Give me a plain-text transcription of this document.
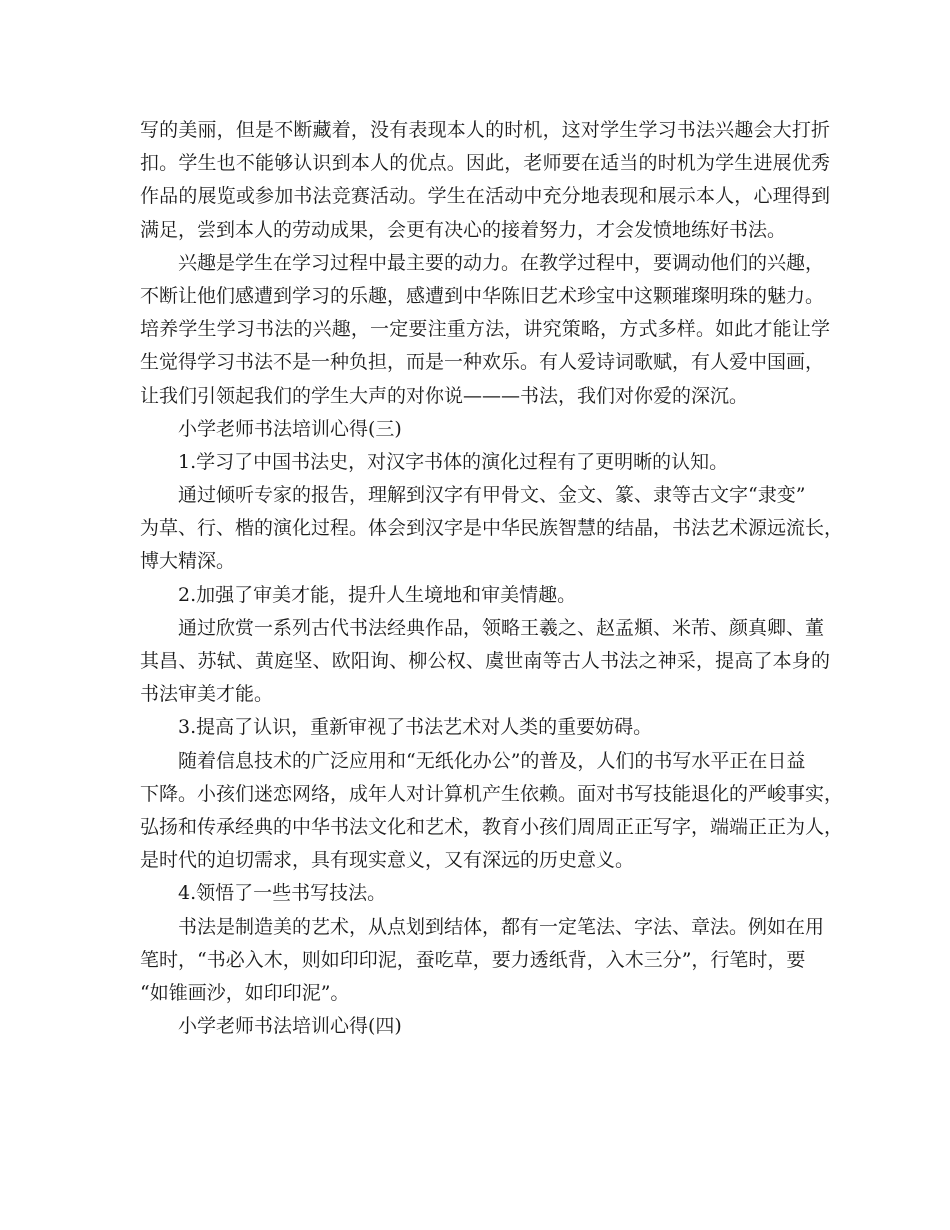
写的美丽，但是不断藏着，没有表现本人的时机，这对学生学习书法兴趣会大打折
扣。学生也不能够认识到本人的优点。因此，老师要在适当的时机为学生进展优秀
作品的展览或参加书法竞赛活动。学生在活动中充分地表现和展示本人，心理得到
满足，尝到本人的劳动成果，会更有决心的接着努力，才会发愤地练好书法。
兴趣是学生在学习过程中最主要的动力。在教学过程中，要调动他们的兴趣，
不断让他们感遭到学习的乐趣，感遭到中华陈旧艺术珍宝中这颗璀璨明珠的魅力。
培养学生学习书法的兴趣，一定要注重方法，讲究策略，方式多样。如此才能让学
生觉得学习书法不是一种负担，而是一种欢乐。有人爱诗词歌赋，有人爱中国画，
让我们引领起我们的学生大声的对你说———书法，我们对你爱的深沉。
小学老师书法培训心得(三)
1.学习了中国书法史，对汉字书体的演化过程有了更明晰的认知。
通过倾听专家的报告，理解到汉字有甲骨文、金文、篆、隶等古文字“隶变”
为草、行、楷的演化过程。体会到汉字是中华民族智慧的结晶，书法艺术源远流长，
博大精深。
2.加强了审美才能，提升人生境地和审美情趣。
通过欣赏一系列古代书法经典作品，领略王羲之、赵孟頫、米芾、颜真卿、董
其昌、苏轼、黄庭坚、欧阳询、柳公权、虞世南等古人书法之神采，提高了本身的
书法审美才能。
3.提高了认识，重新审视了书法艺术对人类的重要妨碍。
随着信息技术的广泛应用和“无纸化办公”的普及，人们的书写水平正在日益
下降。小孩们迷恋网络，成年人对计算机产生依赖。面对书写技能退化的严峻事实，
弘扬和传承经典的中华书法文化和艺术，教育小孩们周周正正写字，端端正正为人，
是时代的迫切需求，具有现实意义，又有深远的历史意义。
4.领悟了一些书写技法。
书法是制造美的艺术，从点划到结体，都有一定笔法、字法、章法。例如在用
笔时，“书必入木，则如印印泥，蚕吃草，要力透纸背，入木三分”，行笔时，要
“如锥画沙，如印印泥”。
小学老师书法培训心得(四)
